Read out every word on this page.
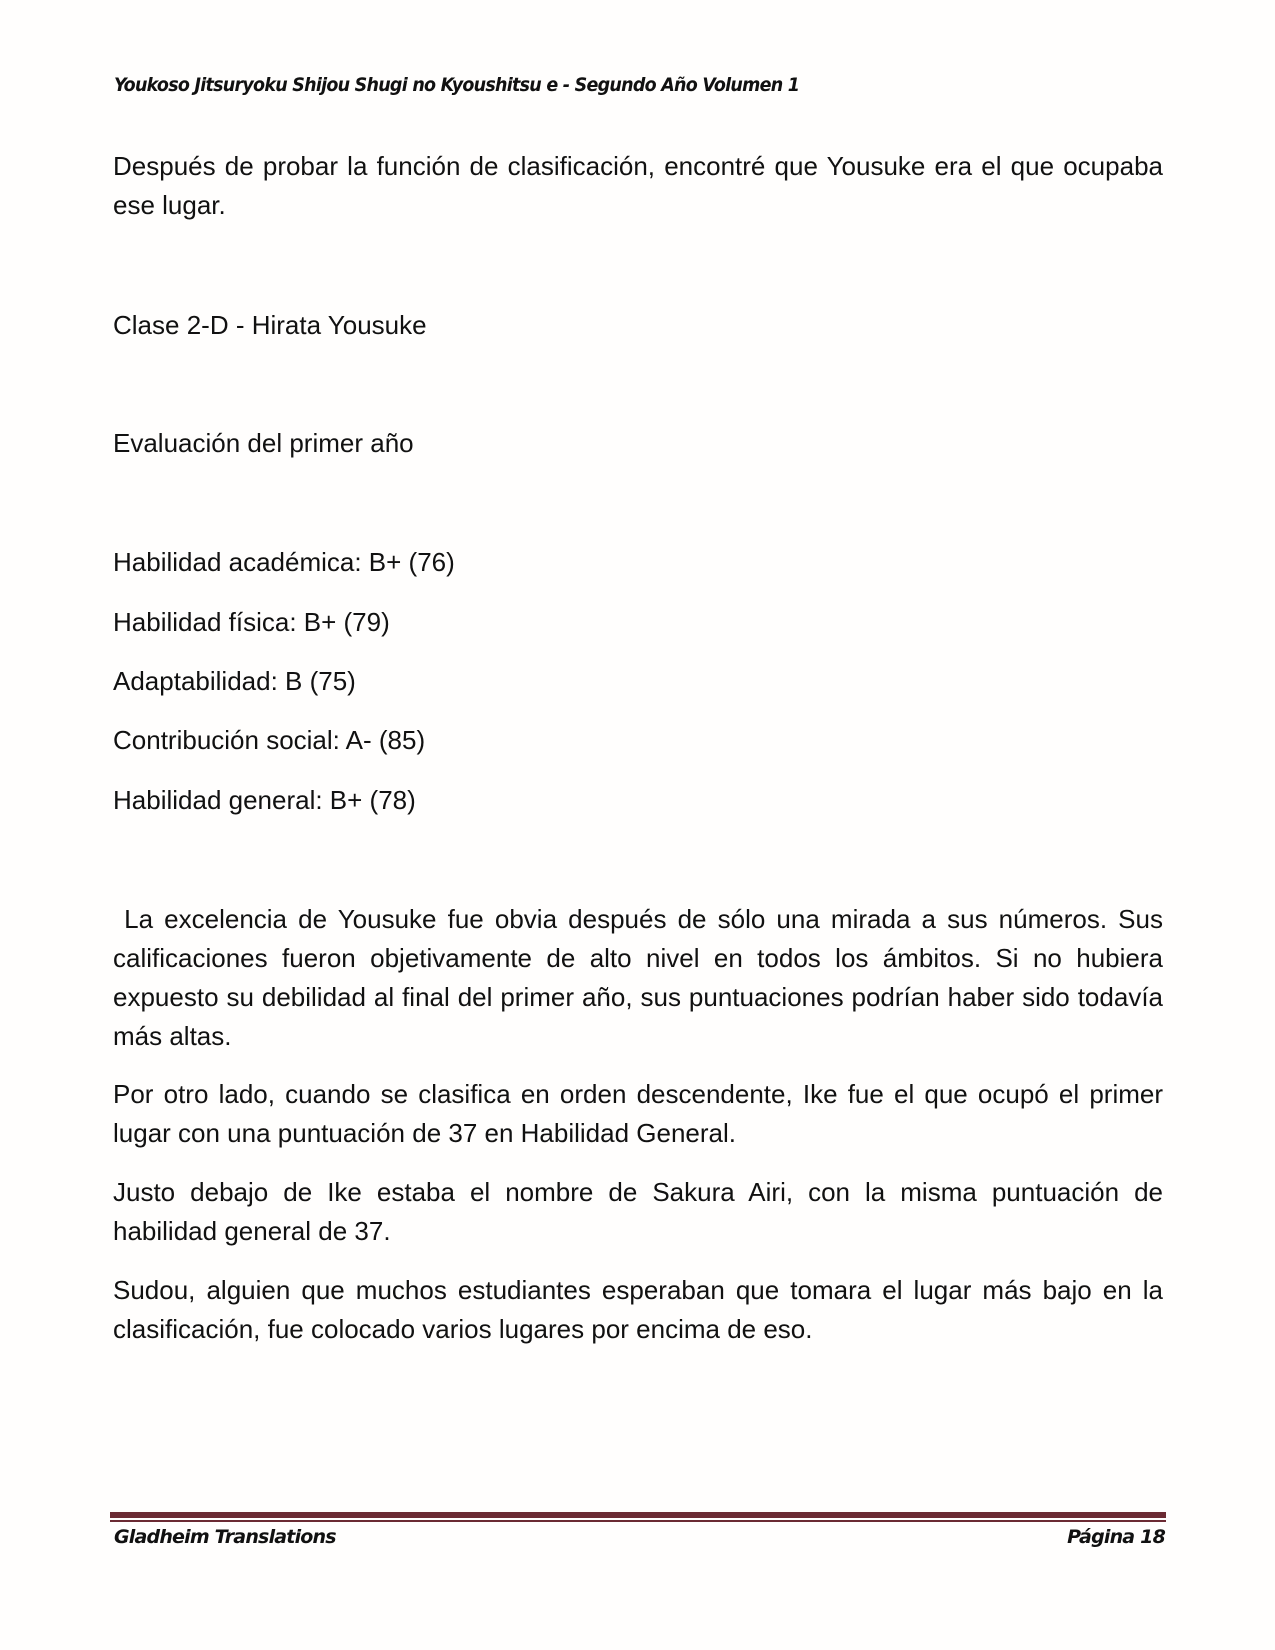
Youkoso Jitsuryoku Shijou Shugi no Kyoushitsu e - Segundo Año Volumen 1
Después de probar la función de clasificación, encontré que Yousuke era el que ocupaba ese lugar.
Clase 2-D - Hirata Yousuke
Evaluación del primer año
Habilidad académica: B+ (76)
Habilidad física: B+ (79)
Adaptabilidad: B (75)
Contribución social: A- (85)
Habilidad general: B+ (78)
La excelencia de Yousuke fue obvia después de sólo una mirada a sus números. Sus calificaciones fueron objetivamente de alto nivel en todos los ámbitos. Si no hubiera expuesto su debilidad al final del primer año, sus puntuaciones podrían haber sido todavía más altas.
Por otro lado, cuando se clasifica en orden descendente, Ike fue el que ocupó el primer lugar con una puntuación de 37 en Habilidad General.
Justo debajo de Ike estaba el nombre de Sakura Airi, con la misma puntuación de habilidad general de 37.
Sudou, alguien que muchos estudiantes esperaban que tomara el lugar más bajo en la clasificación, fue colocado varios lugares por encima de eso.
Gladheim Translations	Página 18
